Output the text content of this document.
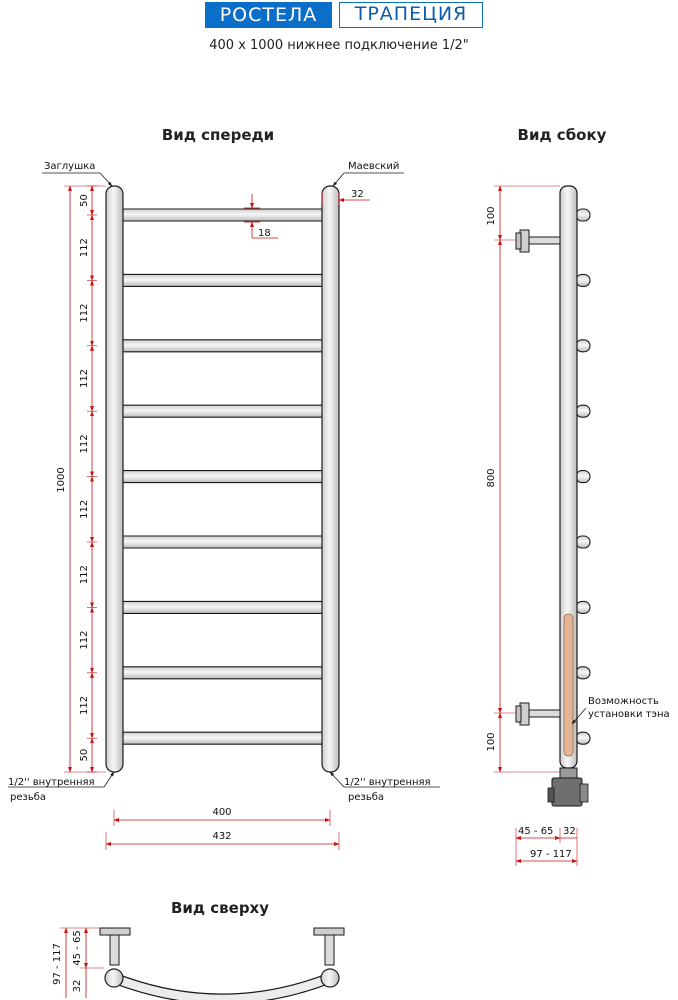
РОСТЕЛА	ТРАПЕЦИЯ
400 x 1000 нижнее подключение 1/2"
Вид спереди
Заглушка	Маевский
32
18
1000
50
112
112
112
112
112
112
112
112
50
1/2'' внутренняя
резьба
1/2'' внутренняя
резьба
400
432
Вид сбоку
100
800
100
Возможность
установки тэна
45 - 65 32
97 - 117
Вид сверху
97 - 117
32
45 - 65
